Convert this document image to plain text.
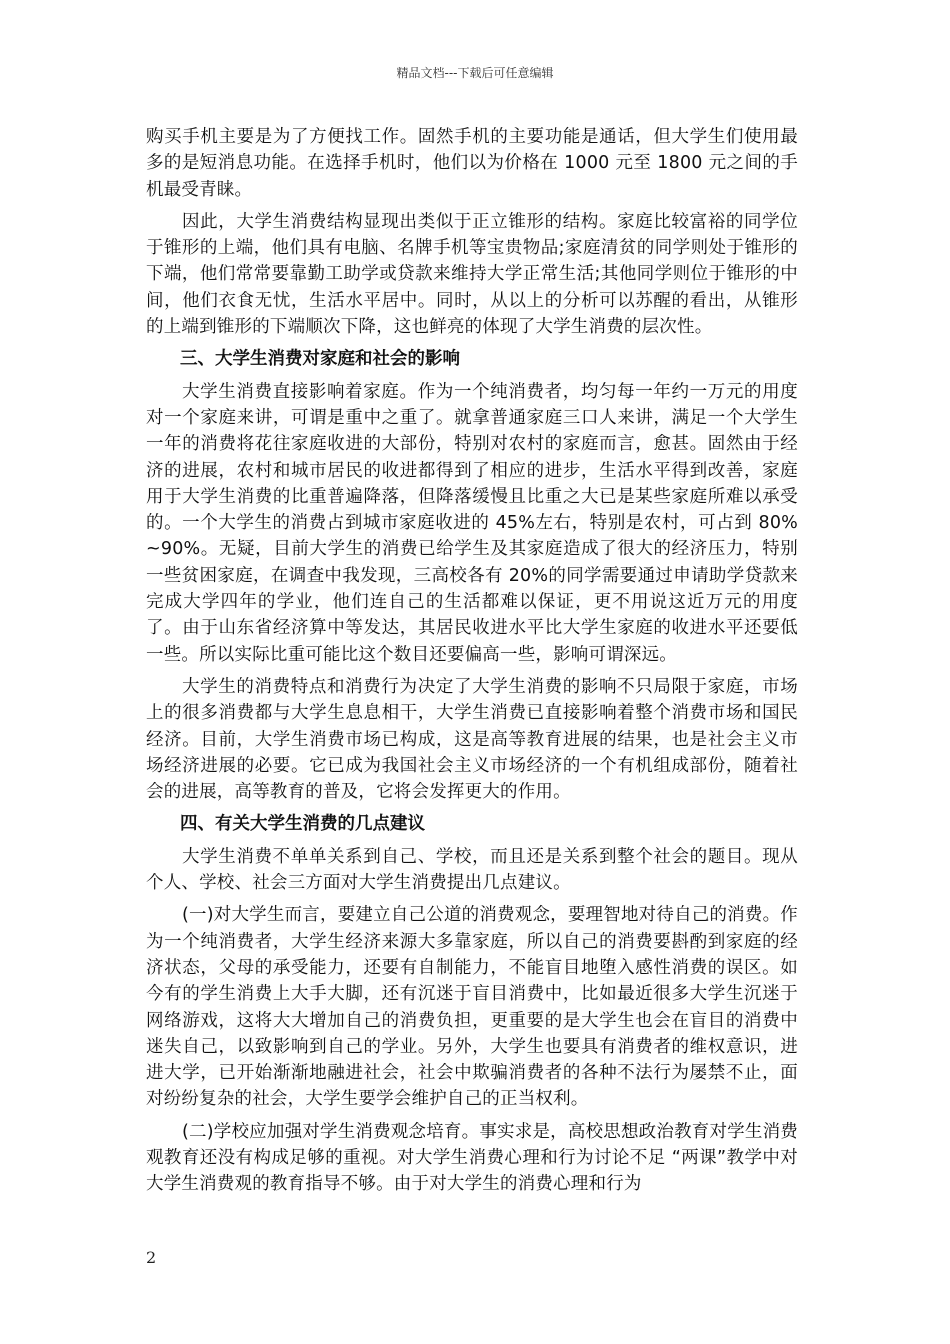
精品文档---下载后可任意编辑

购买手机主要是为了方便找工作。固然手机的主要功能是通话，但大学生们使用最多的是短消息功能。在选择手机时，他们以为价格在 1000 元至 1800 元之间的手机最受青睐。

因此，大学生消费结构显现出类似于正立锥形的结构。家庭比较富裕的同学位于锥形的上端，他们具有电脑、名牌手机等宝贵物品;家庭清贫的同学则处于锥形的下端，他们常常要靠勤工助学或贷款来维持大学正常生活;其他同学则位于锥形的中间，他们衣食无忧，生活水平居中。同时，从以上的分析可以苏醒的看出，从锥形的上端到锥形的下端顺次下降，这也鲜亮的体现了大学生消费的层次性。

三、大学生消费对家庭和社会的影响

大学生消费直接影响着家庭。作为一个纯消费者，均匀每一年约一万元的用度对一个家庭来讲，可谓是重中之重了。就拿普通家庭三口人来讲，满足一个大学生一年的消费将花往家庭收进的大部份，特别对农村的家庭而言，愈甚。固然由于经济的进展，农村和城市居民的收进都得到了相应的进步，生活水平得到改善，家庭用于大学生消费的比重普遍降落，但降落缓慢且比重之大已是某些家庭所难以承受的。一个大学生的消费占到城市家庭收进的 45%左右，特别是农村，可占到 80%~90%。无疑，目前大学生的消费已给学生及其家庭造成了很大的经济压力，特别一些贫困家庭，在调查中我发现，三高校各有 20%的同学需要通过申请助学贷款来完成大学四年的学业，他们连自己的生活都难以保证，更不用说这近万元的用度了。由于山东省经济算中等发达，其居民收进水平比大学生家庭的收进水平还要低一些。所以实际比重可能比这个数目还要偏高一些，影响可谓深远。

大学生的消费特点和消费行为决定了大学生消费的影响不只局限于家庭，市场上的很多消费都与大学生息息相干，大学生消费已直接影响着整个消费市场和国民经济。目前，大学生消费市场已构成，这是高等教育进展的结果，也是社会主义市场经济进展的必要。它已成为我国社会主义市场经济的一个有机组成部份，随着社会的进展，高等教育的普及，它将会发挥更大的作用。

四、有关大学生消费的几点建议

大学生消费不单单关系到自己、学校，而且还是关系到整个社会的题目。现从个人、学校、社会三方面对大学生消费提出几点建议。

(一)对大学生而言，要建立自己公道的消费观念，要理智地对待自己的消费。作为一个纯消费者，大学生经济来源大多靠家庭，所以自己的消费要斟酌到家庭的经济状态，父母的承受能力，还要有自制能力，不能盲目地堕入感性消费的误区。如今有的学生消费上大手大脚，还有沉迷于盲目消费中，比如最近很多大学生沉迷于网络游戏，这将大大增加自己的消费负担，更重要的是大学生也会在盲目的消费中迷失自己，以致影响到自己的学业。另外，大学生也要具有消费者的维权意识，进进大学，已开始渐渐地融进社会，社会中欺骗消费者的各种不法行为屡禁不止，面对纷纷复杂的社会，大学生要学会维护自己的正当权利。

(二)学校应加强对学生消费观念培育。事实求是，高校思想政治教育对学生消费观教育还没有构成足够的重视。对大学生消费心理和行为讨论不足 “两课”教学中对大学生消费观的教育指导不够。由于对大学生的消费心理和行为

2
